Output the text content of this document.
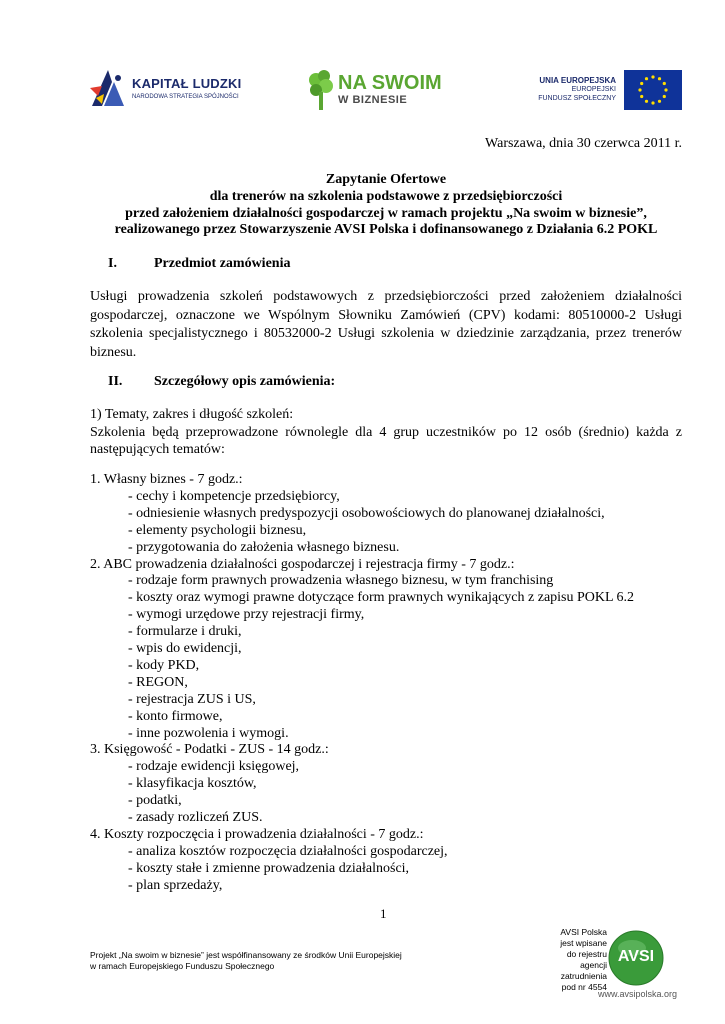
KAPITAŁ LUDZKI
NARODOWA STRATEGIA SPÓJNOŚCI
NA SWOIM
W BIZNESIE
UNIA EUROPEJSKA
EUROPEJSKI
FUNDUSZ SPOŁECZNY
Warszawa, dnia 30 czerwca 2011 r.
Zapytanie Ofertowe
dla trenerów na szkolenia podstawowe z przedsiębiorczości
przed założeniem działalności gospodarczej w ramach projektu „Na swoim w biznesie”,
realizowanego przez Stowarzyszenie AVSI Polska i dofinansowanego z Działania 6.2 POKL
I.	Przedmiot zamówienia
Usługi prowadzenia szkoleń podstawowych z przedsiębiorczości przed założeniem działalności gospodarczej, oznaczone we Wspólnym Słowniku Zamówień (CPV) kodami: 80510000-2 Usługi szkolenia specjalistycznego i 80532000-2 Usługi szkolenia w dziedzinie zarządzania, przez trenerów biznesu.
II. Szczegółowy opis zamówienia:
1) Tematy, zakres i długość szkoleń:
Szkolenia będą przeprowadzone równolegle dla 4 grup uczestników po 12 osób (średnio) każda z następujących tematów:
1. Własny biznes - 7 godz.:
- cechy i kompetencje przedsiębiorcy,
- odniesienie własnych predyspozycji osobowościowych do planowanej działalności,
- elementy psychologii biznesu,
- przygotowania do założenia własnego biznesu.
2. ABC prowadzenia działalności gospodarczej i rejestracja firmy - 7 godz.:
- rodzaje form prawnych prowadzenia własnego biznesu, w tym franchising
- koszty oraz wymogi prawne dotyczące form prawnych wynikających z zapisu POKL 6.2
- wymogi urzędowe przy rejestracji firmy,
- formularze i druki,
- wpis do ewidencji,
- kody PKD,
- REGON,
- rejestracja ZUS i US,
- konto firmowe,
- inne pozwolenia i wymogi.
3. Księgowość - Podatki - ZUS - 14 godz.:
- rodzaje ewidencji księgowej,
- klasyfikacja kosztów,
- podatki,
- zasady rozliczeń ZUS.
4. Koszty rozpoczęcia i prowadzenia działalności - 7 godz.:
- analiza kosztów rozpoczęcia działalności gospodarczej,
- koszty stałe i zmienne prowadzenia działalności,
- plan sprzedaży,
1
Projekt „Na swoim w biznesie” jest współfinansowany ze środków Unii Europejskiej
w ramach Europejskiego Funduszu Społecznego
AVSI Polska
jest wpisane
do rejestru
agencji
zatrudnienia
pod nr 4554
AVSI
www.avsipolska.org
